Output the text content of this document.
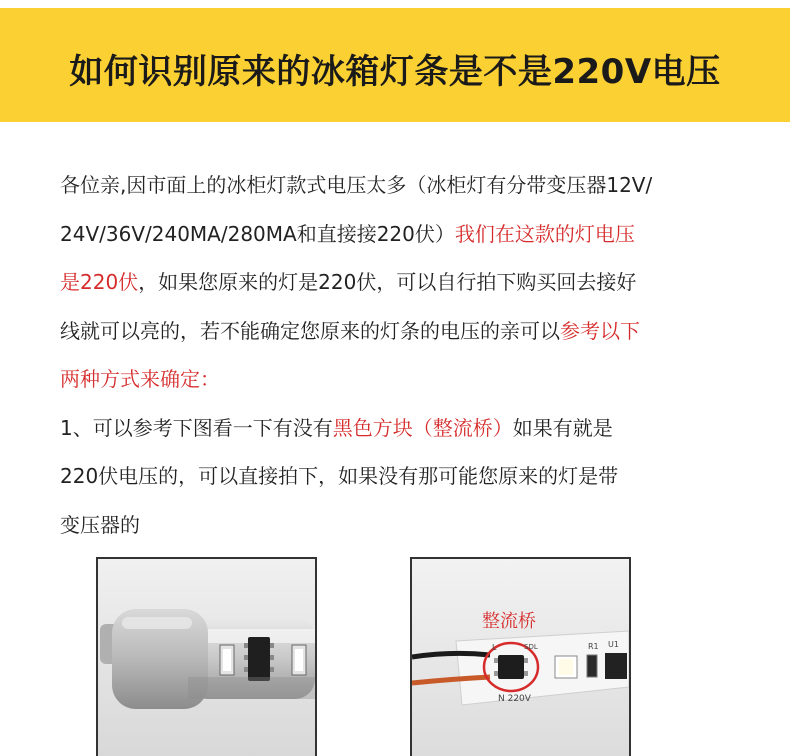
如何识别原来的冰箱灯条是不是220V电压
各位亲,因市面上的冰柜灯款式电压太多（冰柜灯有分带变压器12V/
24V/36V/240MA/280MA和直接接220伏）我们在这款的灯电压
是220伏，如果您原来的灯是220伏，可以自行拍下购买回去接好
线就可以亮的，若不能确定您原来的灯条的电压的亲可以参考以下
两种方式来确定：
1、可以参考下图看一下有没有黑色方块（整流桥）如果有就是
220伏电压的，可以直接拍下，如果没有那可能您原来的灯是带
变压器的
整流桥
L	SDL	R1 U1
N 220V
